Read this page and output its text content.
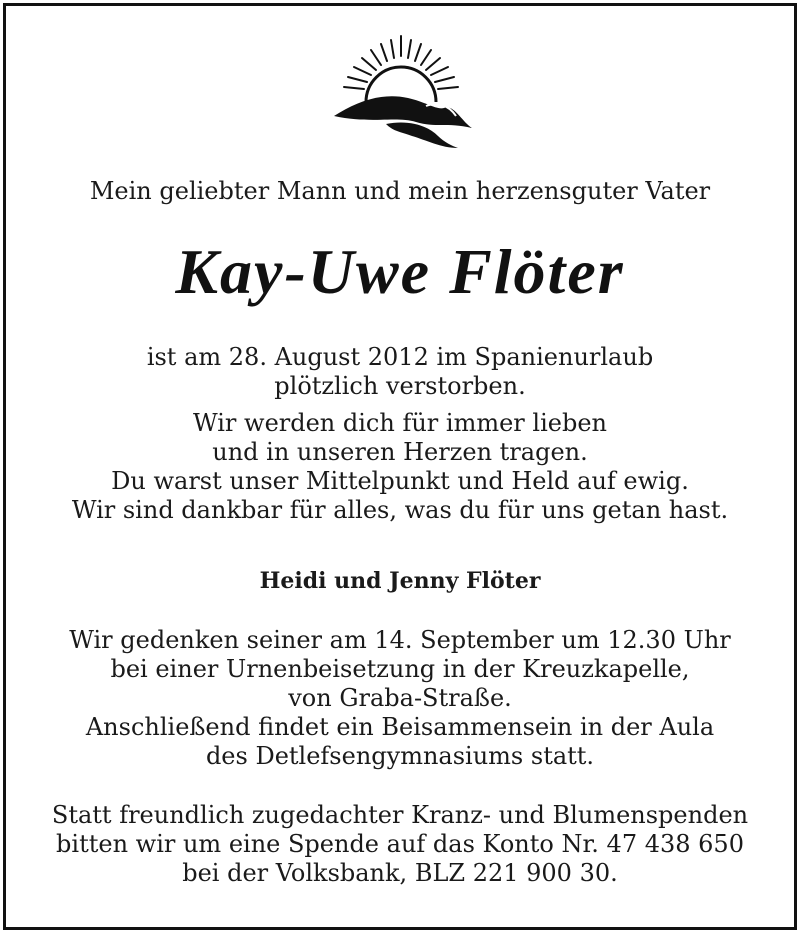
Mein geliebter Mann und mein herzensguter Vater
Kay-Uwe Flöter
ist am 28. August 2012 im Spanienurlaub
plötzlich verstorben.
Wir werden dich für immer lieben
und in unseren Herzen tragen.
Du warst unser Mittelpunkt und Held auf ewig.
Wir sind dankbar für alles, was du für uns getan hast.
Heidi und Jenny Flöter
Wir gedenken seiner am 14. September um 12.30 Uhr
bei einer Urnenbeisetzung in der Kreuzkapelle,
von Graba-Straße.
Anschließend findet ein Beisammensein in der Aula
des Detlefsengymnasiums statt.
Statt freundlich zugedachter Kranz- und Blumenspenden
bitten wir um eine Spende auf das Konto Nr. 47 438 650
bei der Volksbank, BLZ 221 900 30.
